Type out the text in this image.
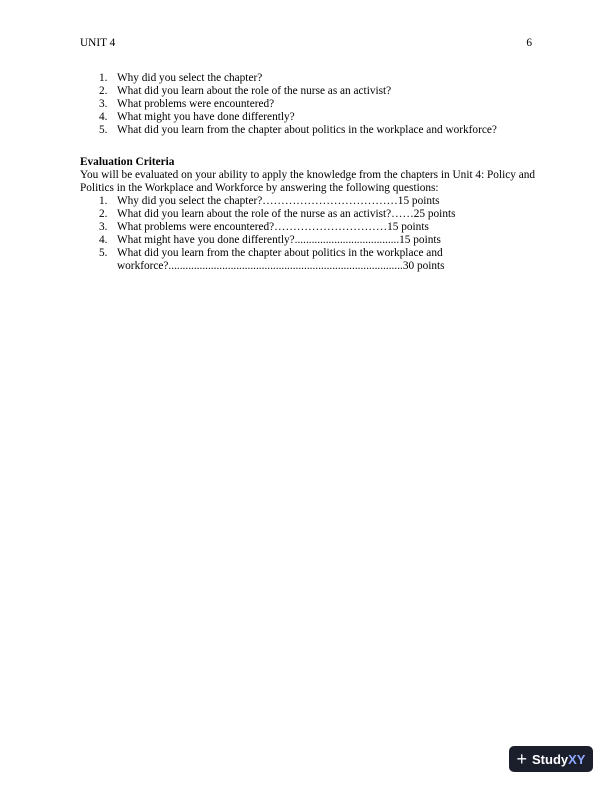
UNIT 4	6
1. Why did you select the chapter?
2. What did you learn about the role of the nurse as an activist?
3. What problems were encountered?
4. What might you have done differently?
5. What did you learn from the chapter about politics in the workplace and workforce?
Evaluation Criteria
You will be evaluated on your ability to apply the knowledge from the chapters in Unit 4: Policy and Politics in the Workplace and Workforce by answering the following questions:
1. Why did you select the chapter?………………………………15 points
2. What did you learn about the role of the nurse as an activist?……25 points
3. What problems were encountered?…………………………15 points
4. What might have you done differently?.....................................15 points
5. What did you learn from the chapter about politics in the workplace and workforce?...................................................................................30 points
+ StudyXY
